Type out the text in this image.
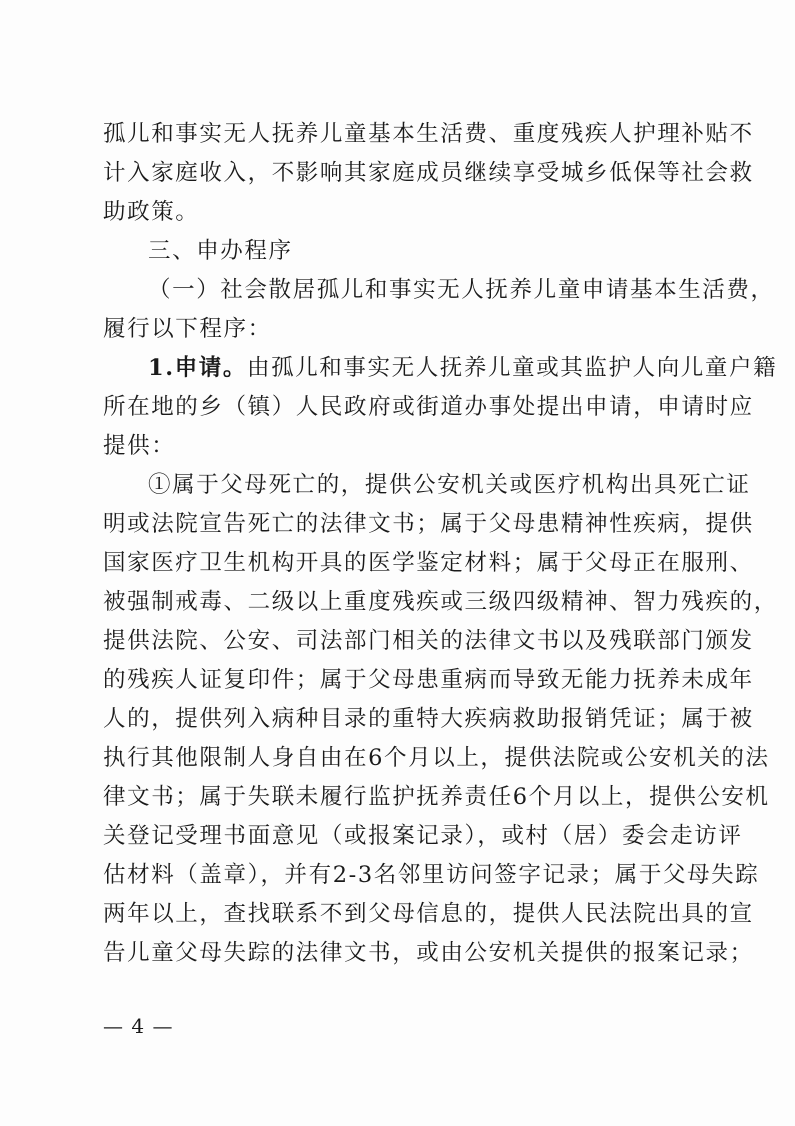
孤儿和事实无人抚养儿童基本生活费、重度残疾人护理补贴不
计入家庭收入，不影响其家庭成员继续享受城乡低保等社会救
助政策。
三、申办程序
（一）社会散居孤儿和事实无人抚养儿童申请基本生活费，
履行以下程序：
1.申请。由孤儿和事实无人抚养儿童或其监护人向儿童户籍
所在地的乡（镇）人民政府或街道办事处提出申请，申请时应
提供：
①属于父母死亡的，提供公安机关或医疗机构出具死亡证
明或法院宣告死亡的法律文书；属于父母患精神性疾病，提供
国家医疗卫生机构开具的医学鉴定材料；属于父母正在服刑、
被强制戒毒、二级以上重度残疾或三级四级精神、智力残疾的，
提供法院、公安、司法部门相关的法律文书以及残联部门颁发
的残疾人证复印件；属于父母患重病而导致无能力抚养未成年
人的，提供列入病种目录的重特大疾病救助报销凭证；属于被
执行其他限制人身自由在6个月以上，提供法院或公安机关的法
律文书；属于失联未履行监护抚养责任6个月以上，提供公安机
关登记受理书面意见（或报案记录），或村（居）委会走访评
估材料（盖章），并有2-3名邻里访问签字记录；属于父母失踪
两年以上，查找联系不到父母信息的，提供人民法院出具的宣
告儿童父母失踪的法律文书，或由公安机关提供的报案记录；
— 4 —
